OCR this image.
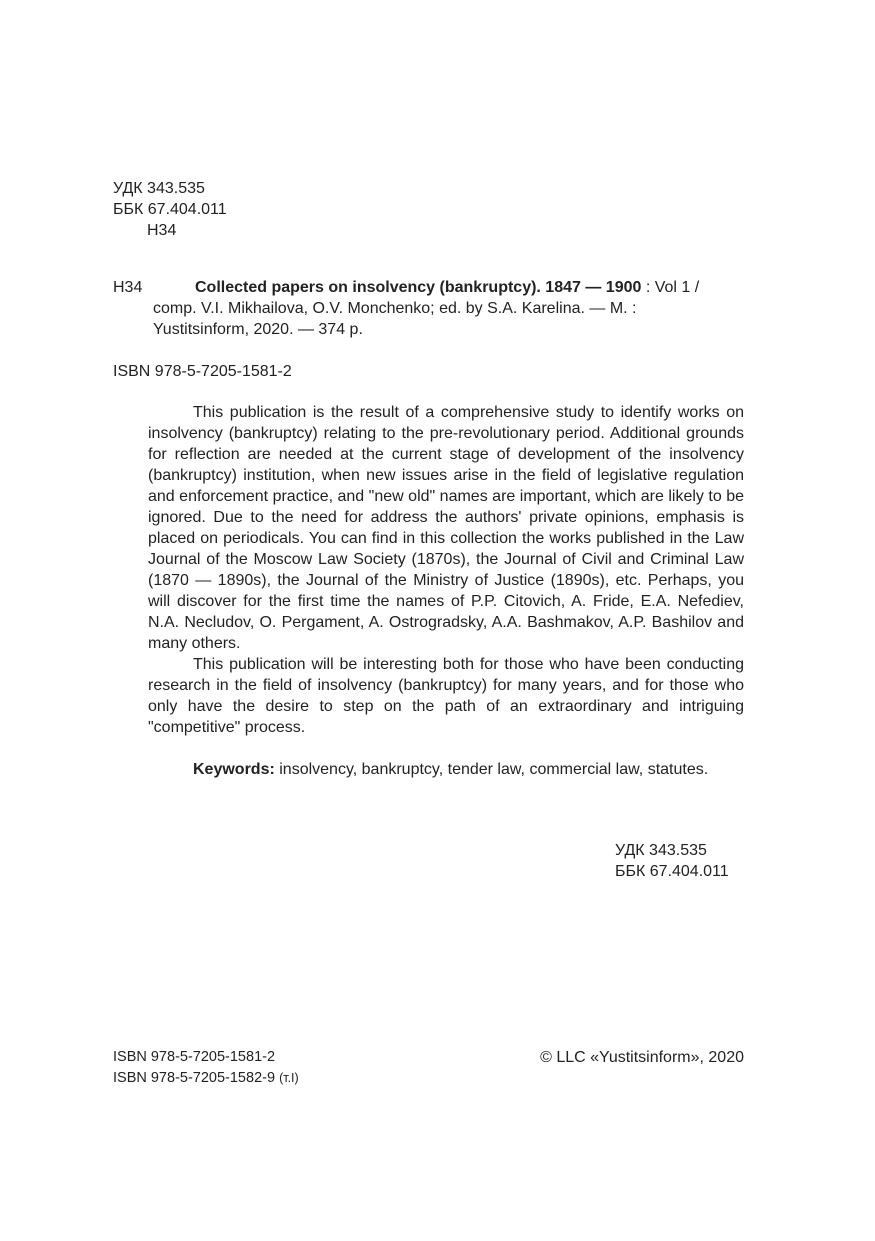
УДК 343.535
ББК 67.404.011
Н34
Н34	Collected papers on insolvency (bankruptcy). 1847 — 1900 : Vol 1 /
comp. V.I. Mikhailova, O.V. Monchenko; ed. by S.A. Karelina. — M. :
Yustitsinform, 2020. — 374 p.
ISBN 978-5-7205-1581-2

This publication is the result of a comprehensive study to identify works on insolvency (bankruptcy) relating to the pre-revolutionary period. Additional grounds for reflection are needed at the current stage of development of the insolvency (bankruptcy) institution, when new issues arise in the field of legislative regulation and enforcement practice, and "new old" names are important, which are likely to be ignored. Due to the need for address the authors' private opinions, emphasis is placed on periodicals. You can find in this collection the works published in the Law Journal of the Moscow Law Society (1870s), the Journal of Civil and Criminal Law (1870 — 1890s), the Journal of the Ministry of Justice (1890s), etc. Perhaps, you will discover for the first time the names of P.P. Citovich, A. Fride, E.A. Nefediev, N.A. Necludov, O. Pergament, A. Ostrogradsky, A.A. Bashmakov, A.P. Bashilov and many others.

This publication will be interesting both for those who have been conducting research in the field of insolvency (bankruptcy) for many years, and for those who only have the desire to step on the path of an extraordinary and intriguing "competitive" process.

Keywords: insolvency, bankruptcy, tender law, commercial law, statutes.

УДК 343.535
ББК 67.404.011
ISBN 978-5-7205-1581-2
ISBN 978-5-7205-1582-9 (т.I)
© LLC «Yustitsinform», 2020
